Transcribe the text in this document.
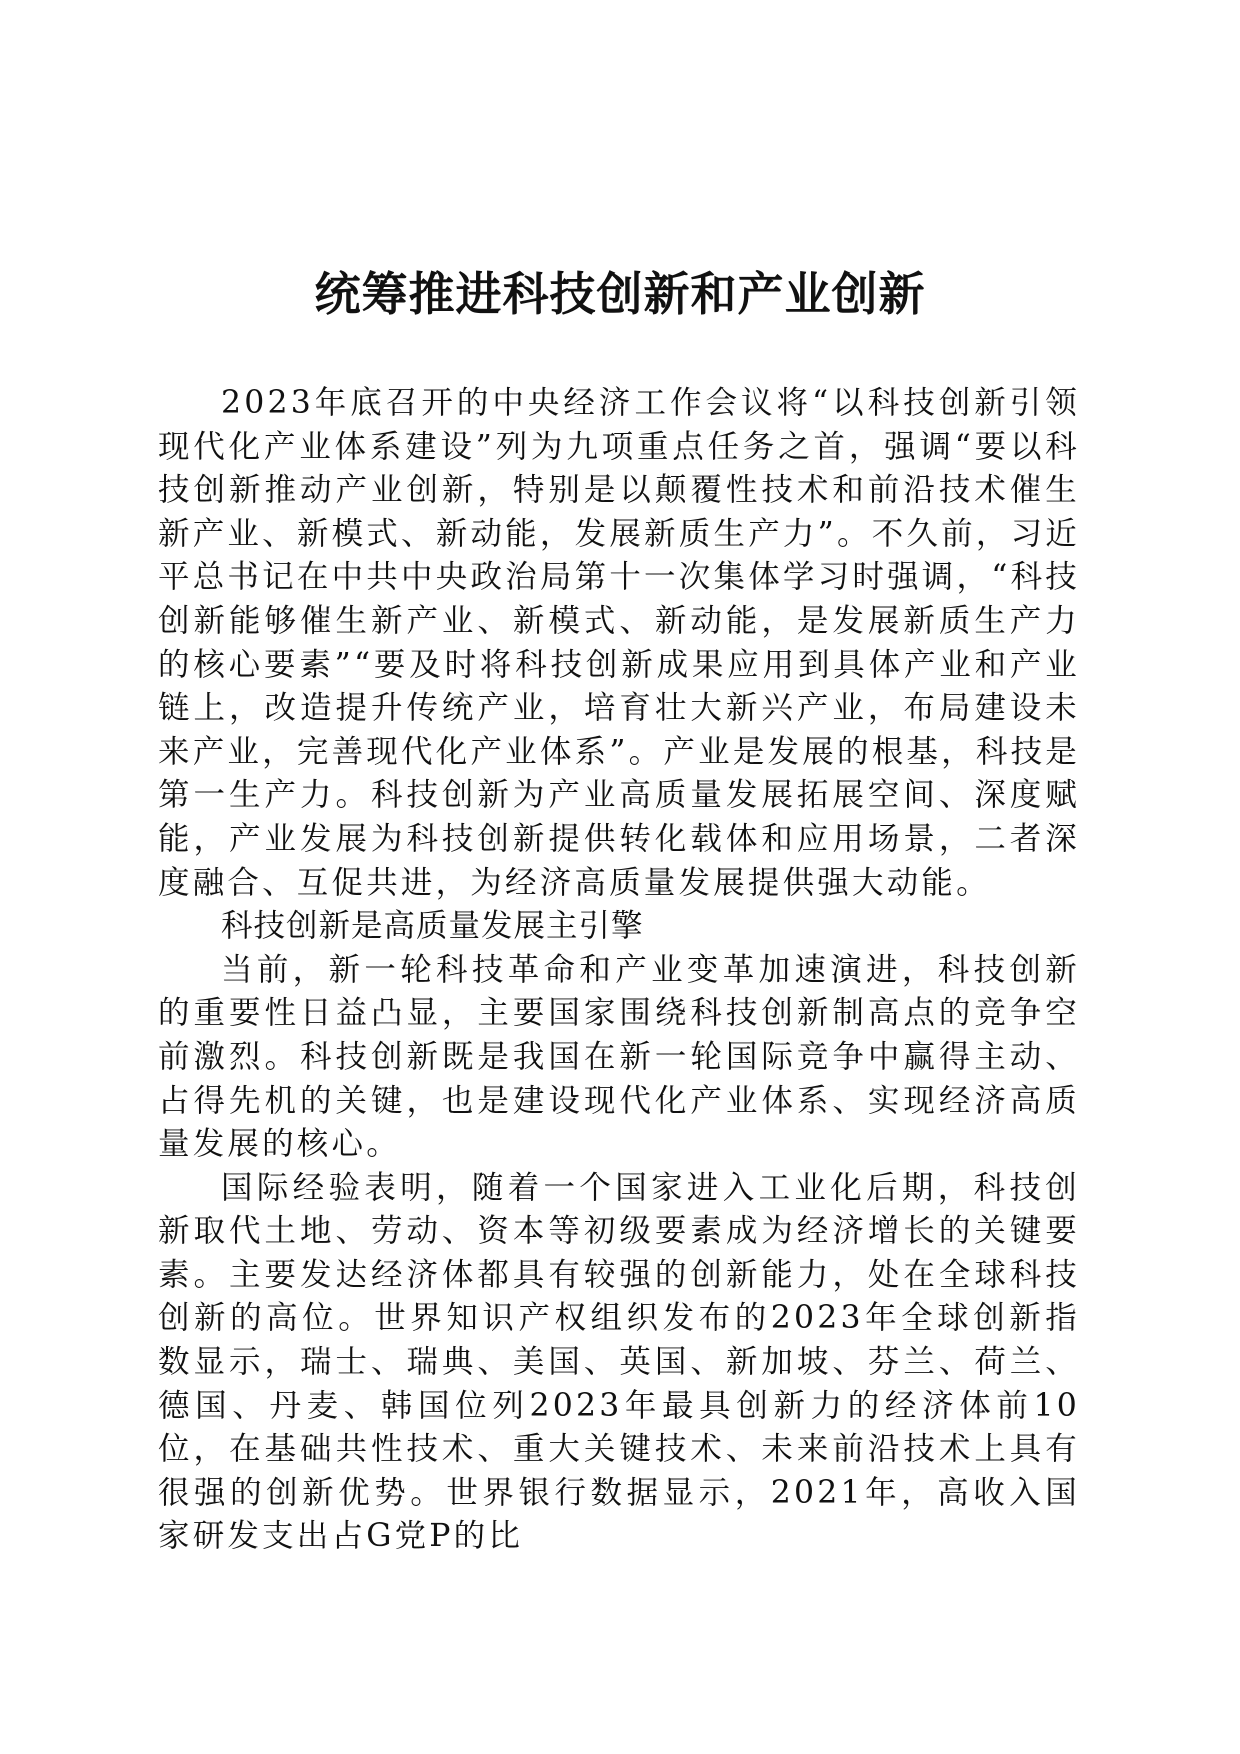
统筹推进科技创新和产业创新

2023年底召开的中央经济工作会议将“以科技创新引领现代化产业体系建设”列为九项重点任务之首，强调“要以科技创新推动产业创新，特别是以颠覆性技术和前沿技术催生新产业、新模式、新动能，发展新质生产力”。不久前，习近平总书记在中共中央政治局第十一次集体学习时强调，“科技创新能够催生新产业、新模式、新动能，是发展新质生产力的核心要素”“要及时将科技创新成果应用到具体产业和产业链上，改造提升传统产业，培育壮大新兴产业，布局建设未来产业，完善现代化产业体系”。产业是发展的根基，科技是第一生产力。科技创新为产业高质量发展拓展空间、深度赋能，产业发展为科技创新提供转化载体和应用场景，二者深度融合、互促共进，为经济高质量发展提供强大动能。

科技创新是高质量发展主引擎

当前，新一轮科技革命和产业变革加速演进，科技创新的重要性日益凸显，主要国家围绕科技创新制高点的竞争空前激烈。科技创新既是我国在新一轮国际竞争中赢得主动、占得先机的关键，也是建设现代化产业体系、实现经济高质量发展的核心。

国际经验表明，随着一个国家进入工业化后期，科技创新取代土地、劳动、资本等初级要素成为经济增长的关键要素。主要发达经济体都具有较强的创新能力，处在全球科技创新的高位。世界知识产权组织发布的2023年全球创新指数显示，瑞士、瑞典、美国、英国、新加坡、芬兰、荷兰、德国、丹麦、韩国位列2023年最具创新力的经济体前10位，在基础共性技术、重大关键技术、未来前沿技术上具有很强的创新优势。世界银行数据显示，2021年，高收入国家研发支出占G党P的比
